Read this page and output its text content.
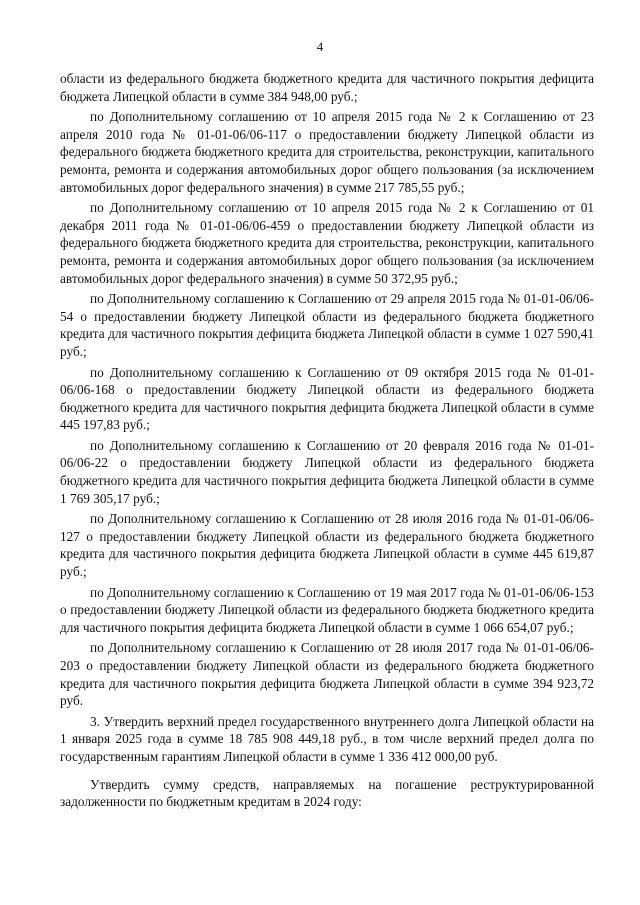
4

области из федерального бюджета бюджетного кредита для частичного покрытия дефицита бюджета Липецкой области в сумме 384 948,00 руб.;

по Дополнительному соглашению от 10 апреля 2015 года № 2 к Соглашению от 23 апреля 2010 года № 01-01-06/06-117 о предоставлении бюджету Липецкой области из федерального бюджета бюджетного кредита для строительства, реконструкции, капитального ремонта, ремонта и содержания автомобильных дорог общего пользования (за исключением автомобильных дорог федерального значения) в сумме 217 785,55 руб.;

по Дополнительному соглашению от 10 апреля 2015 года № 2 к Соглашению от 01 декабря 2011 года № 01-01-06/06-459 о предоставлении бюджету Липецкой области из федерального бюджета бюджетного кредита для строительства, реконструкции, капитального ремонта, ремонта и содержания автомобильных дорог общего пользования (за исключением автомобильных дорог федерального значения) в сумме 50 372,95 руб.;

по Дополнительному соглашению к Соглашению от 29 апреля 2015 года № 01-01-06/06-54 о предоставлении бюджету Липецкой области из федерального бюджета бюджетного кредита для частичного покрытия дефицита бюджета Липецкой области в сумме 1 027 590,41 руб.;

по Дополнительному соглашению к Соглашению от 09 октября 2015 года № 01-01-06/06-168 о предоставлении бюджету Липецкой области из федерального бюджета бюджетного кредита для частичного покрытия дефицита бюджета Липецкой области в сумме 445 197,83 руб.;

по Дополнительному соглашению к Соглашению от 20 февраля 2016 года № 01-01-06/06-22 о предоставлении бюджету Липецкой области из федерального бюджета бюджетного кредита для частичного покрытия дефицита бюджета Липецкой области в сумме 1 769 305,17 руб.;

по Дополнительному соглашению к Соглашению от 28 июля 2016 года № 01-01-06/06-127 о предоставлении бюджету Липецкой области из федерального бюджета бюджетного кредита для частичного покрытия дефицита бюджета Липецкой области в сумме 445 619,87 руб.;

по Дополнительному соглашению к Соглашению от 19 мая 2017 года № 01-01-06/06-153 о предоставлении бюджету Липецкой области из федерального бюджета бюджетного кредита для частичного покрытия дефицита бюджета Липецкой области в сумме 1 066 654,07 руб.;

по Дополнительному соглашению к Соглашению от 28 июля 2017 года № 01-01-06/06-203 о предоставлении бюджету Липецкой области из федерального бюджета бюджетного кредита для частичного покрытия дефицита бюджета Липецкой области в сумме 394 923,72 руб.

3. Утвердить верхний предел государственного внутреннего долга Липецкой области на 1 января 2025 года в сумме 18 785 908 449,18 руб., в том числе верхний предел долга по государственным гарантиям Липецкой области в сумме 1 336 412 000,00 руб.

Утвердить сумму средств, направляемых на погашение реструктурированной задолженности по бюджетным кредитам в 2024 году:
